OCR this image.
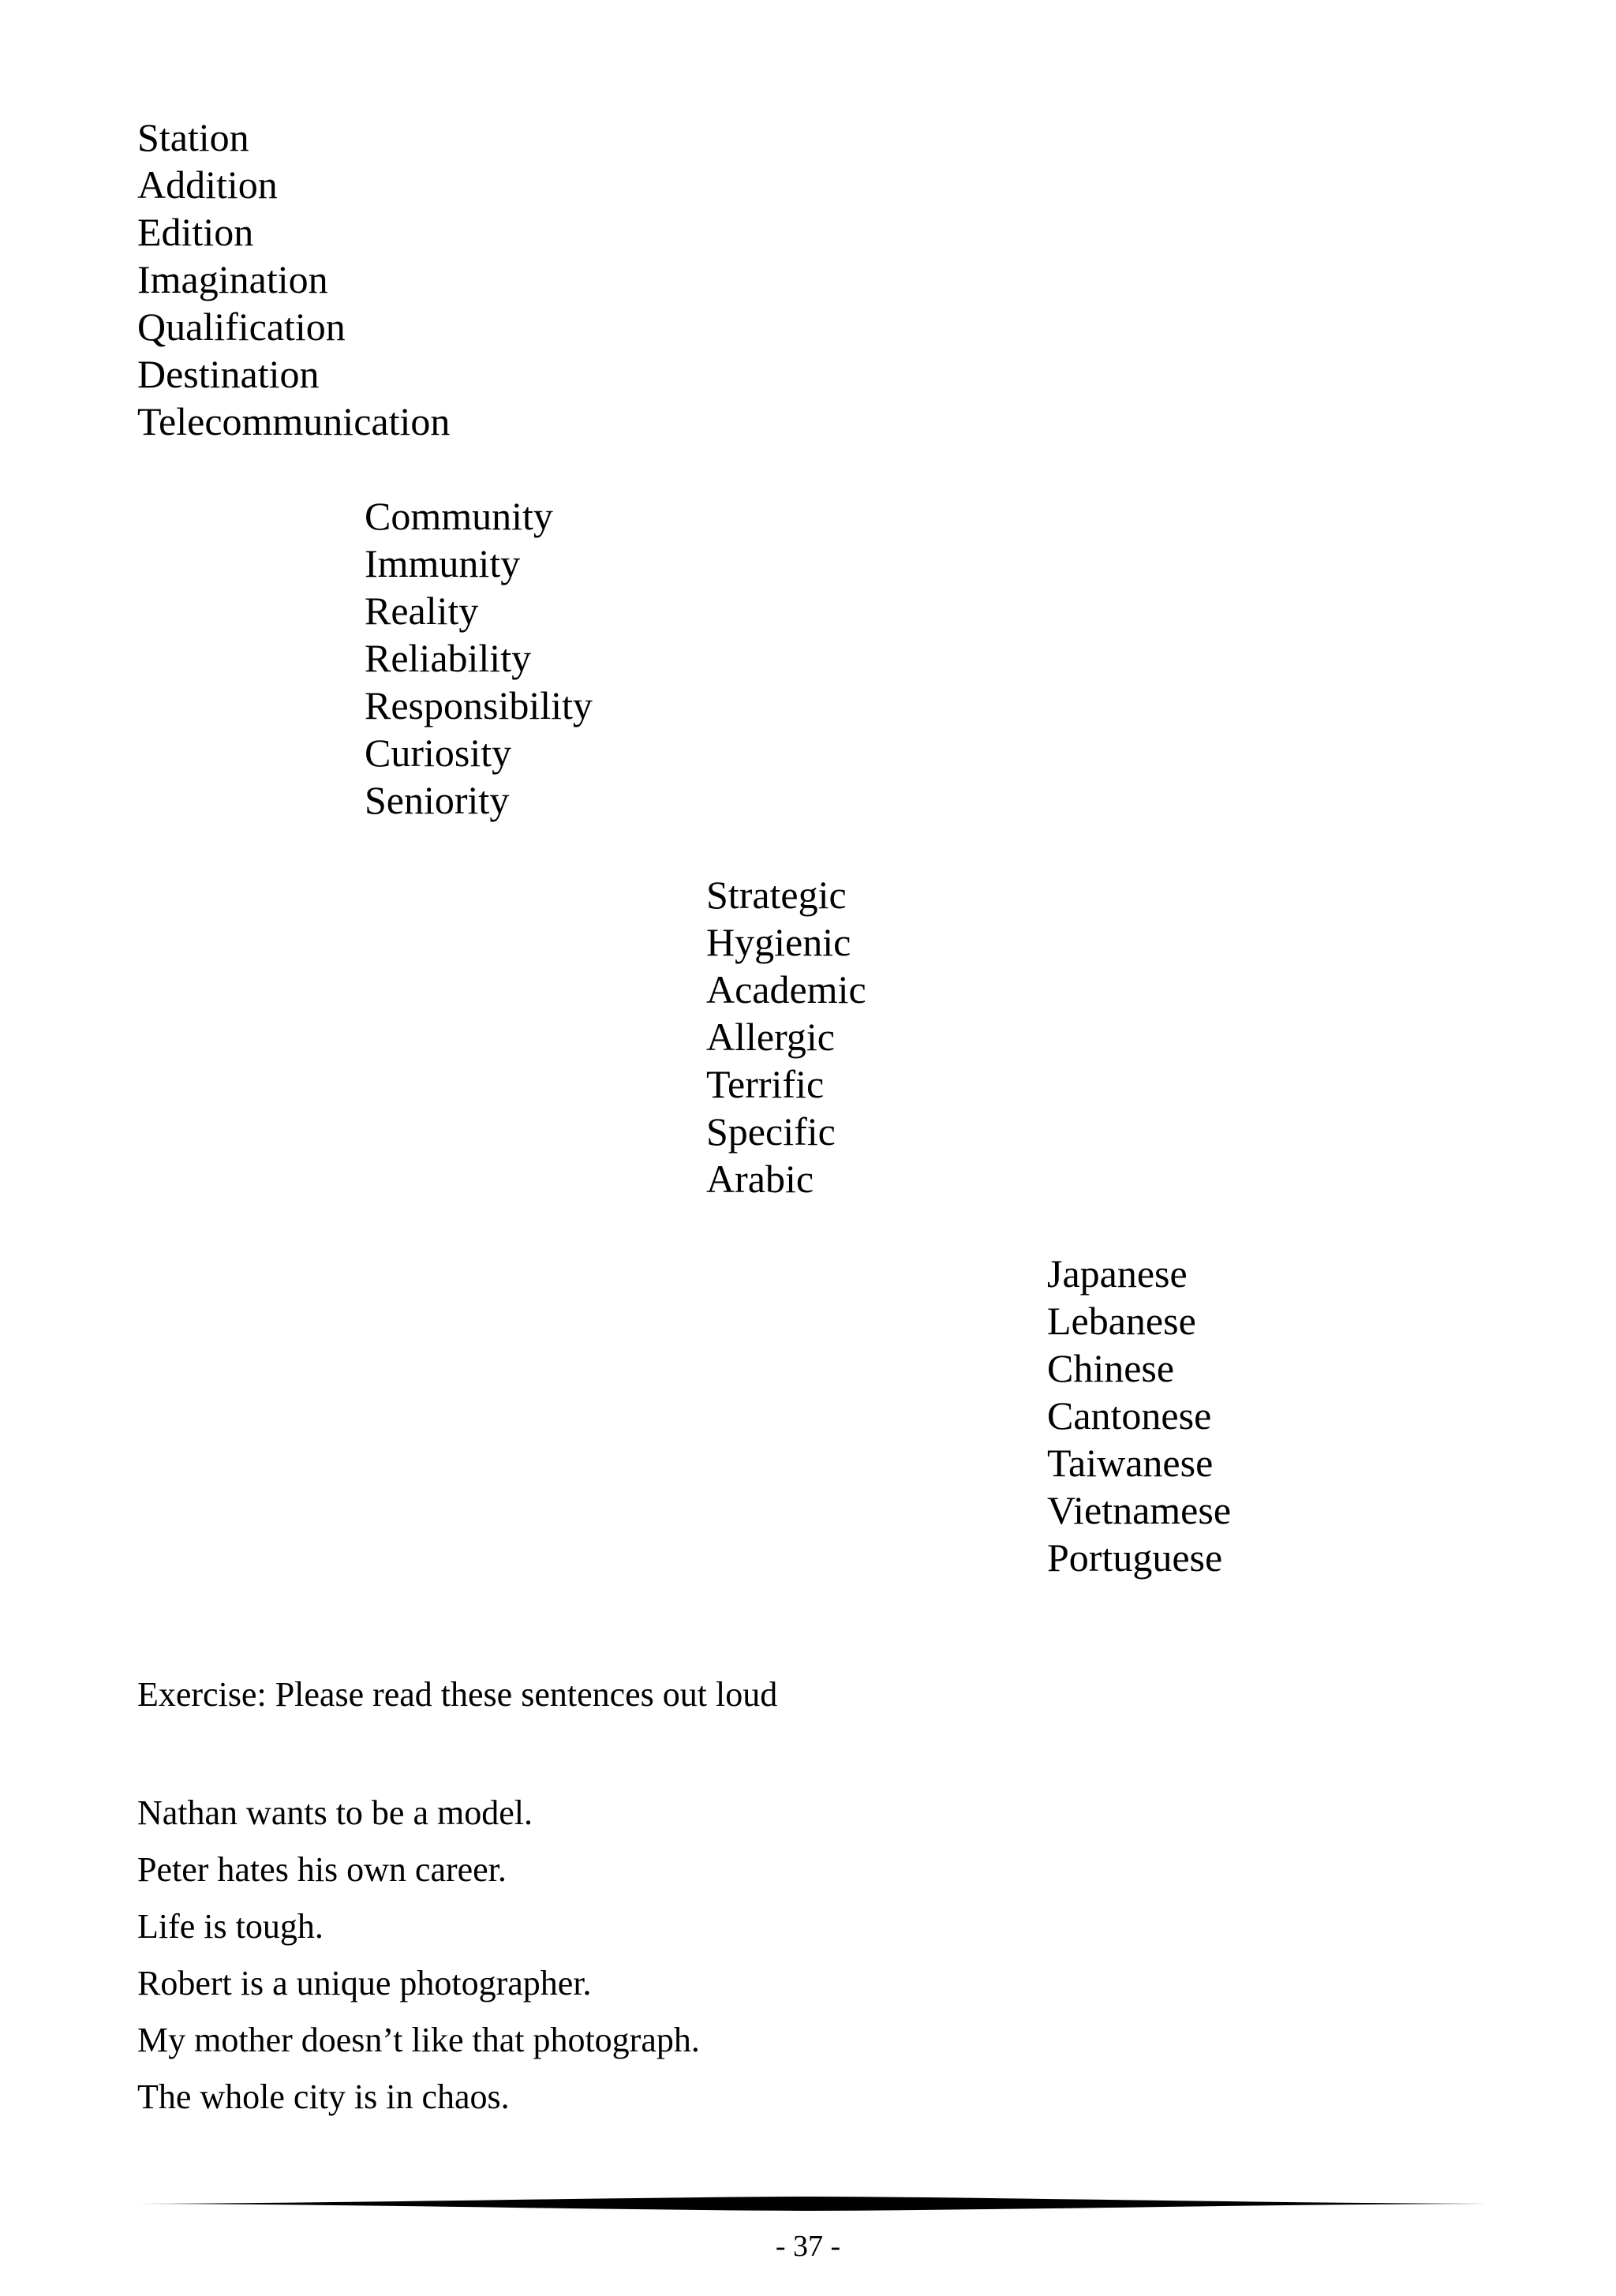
Station
Addition
Edition
Imagination
Qualification
Destination
Telecommunication
Community
Immunity
Reality
Reliability
Responsibility
Curiosity
Seniority
Strategic
Hygienic
Academic
Allergic
Terrific
Specific
Arabic
Japanese
Lebanese
Chinese
Cantonese
Taiwanese
Vietnamese
Portuguese
Exercise: Please read these sentences out loud
Nathan wants to be a model.
Peter hates his own career.
Life is tough.
Robert is a unique photographer.
My mother doesn’t like that photograph.
The whole city is in chaos.
- 37 -
